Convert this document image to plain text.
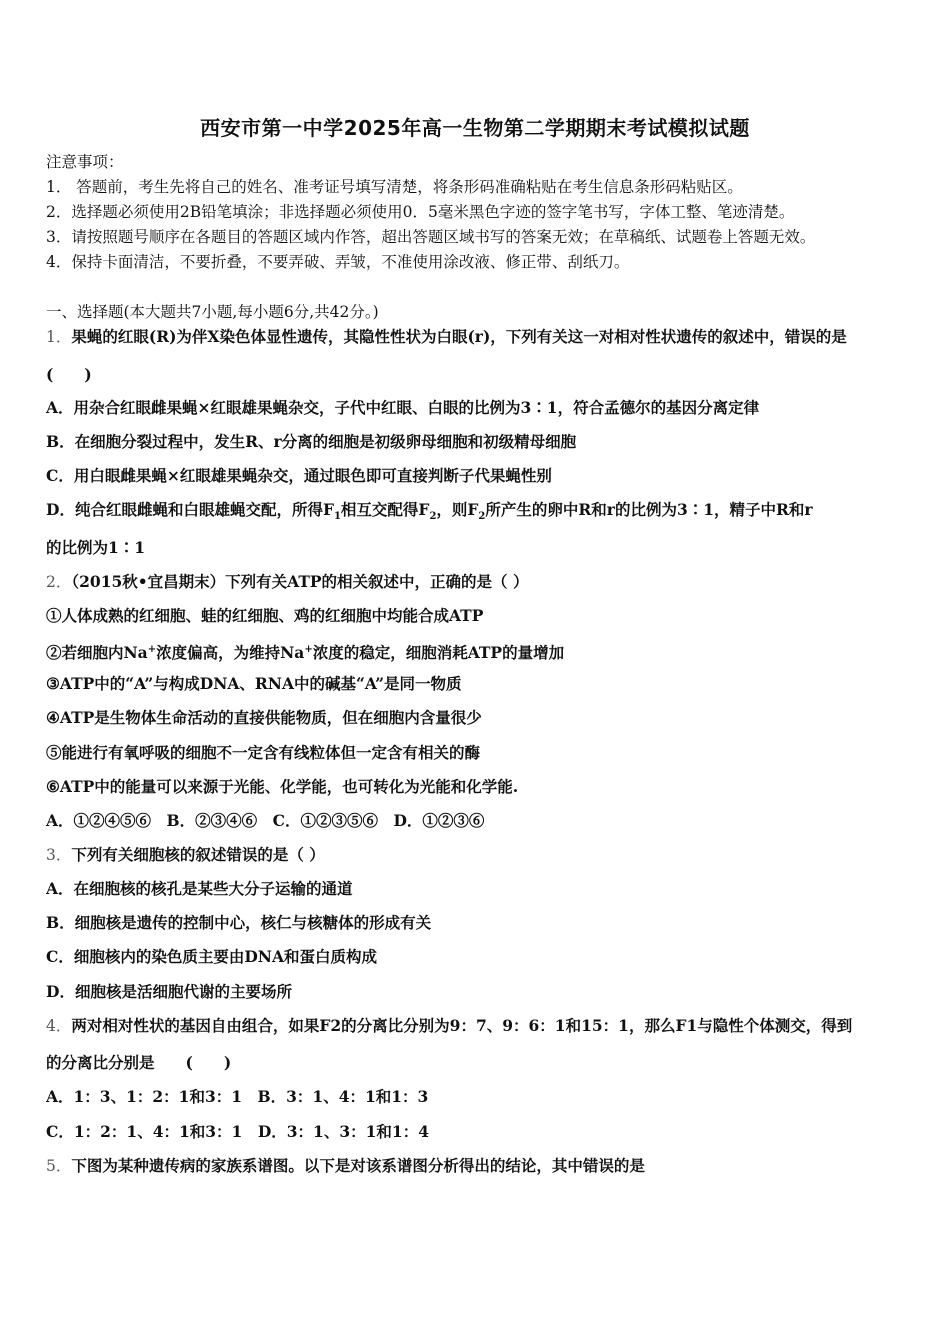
西安市第一中学2025年高一生物第二学期期末考试模拟试题
注意事项：
1． 答题前，考生先将自己的姓名、准考证号填写清楚，将条形码准确粘贴在考生信息条形码粘贴区。
2．选择题必须使用2B铅笔填涂；非选择题必须使用0．5毫米黑色字迹的签字笔书写，字体工整、笔迹清楚。
3．请按照题号顺序在各题目的答题区域内作答，超出答题区域书写的答案无效；在草稿纸、试题卷上答题无效。
4．保持卡面清洁，不要折叠，不要弄破、弄皱，不准使用涂改液、修正带、刮纸刀。
一、选择题(本大题共7小题,每小题6分,共42分。)
1．果蝇的红眼(R)为伴X染色体显性遗传，其隐性性状为白眼(r)，下列有关这一对相对性状遗传的叙述中，错误的是
(　　)
A．用杂合红眼雌果蝇×红眼雄果蝇杂交，子代中红眼、白眼的比例为3∶1，符合孟德尔的基因分离定律
B．在细胞分裂过程中，发生R、r分离的细胞是初级卵母细胞和初级精母细胞
C．用白眼雌果蝇×红眼雄果蝇杂交，通过眼色即可直接判断子代果蝇性别
D．纯合红眼雌蝇和白眼雄蝇交配，所得$F_1$相互交配得$F_2$，则$F_2$所产生的卵中R和r的比例为3∶1，精子中R和r
的比例为1∶1
2．（2015秋•宜昌期末）下列有关ATP的相关叙述中，正确的是（ ）
①人体成熟的红细胞、蛙的红细胞、鸡的红细胞中均能合成ATP
②若细胞内Na+浓度偏高，为维持Na+浓度的稳定，细胞消耗ATP的量增加
③ATP中的“A”与构成DNA、RNA中的碱基“A”是同一物质
④ATP是生物体生命活动的直接供能物质，但在细胞内含量很少
⑤能进行有氧呼吸的细胞不一定含有线粒体但一定含有相关的酶
⑥ATP中的能量可以来源于光能、化学能，也可转化为光能和化学能.
A．①②④⑤⑥　B．②③④⑥　C．①②③⑤⑥　D．①②③⑥
3．下列有关细胞核的叙述错误的是（ ）
A．在细胞核的核孔是某些大分子运输的通道
B．细胞核是遗传的控制中心，核仁与核糖体的形成有关
C．细胞核内的染色质主要由DNA和蛋白质构成
D．细胞核是活细胞代谢的主要场所
4．两对相对性状的基因自由组合，如果F2的分离比分别为9：7、9：6：1和15：1，那么F1与隐性个体测交，得到
的分离比分别是　　(　　)
A．1：3、1：2：1和3：1　B．3：1、4：1和1：3
C．1：2：1、4：1和3：1　D．3：1、3：1和1：4
5．下图为某种遗传病的家族系谱图。以下是对该系谱图分析得出的结论，其中错误的是
